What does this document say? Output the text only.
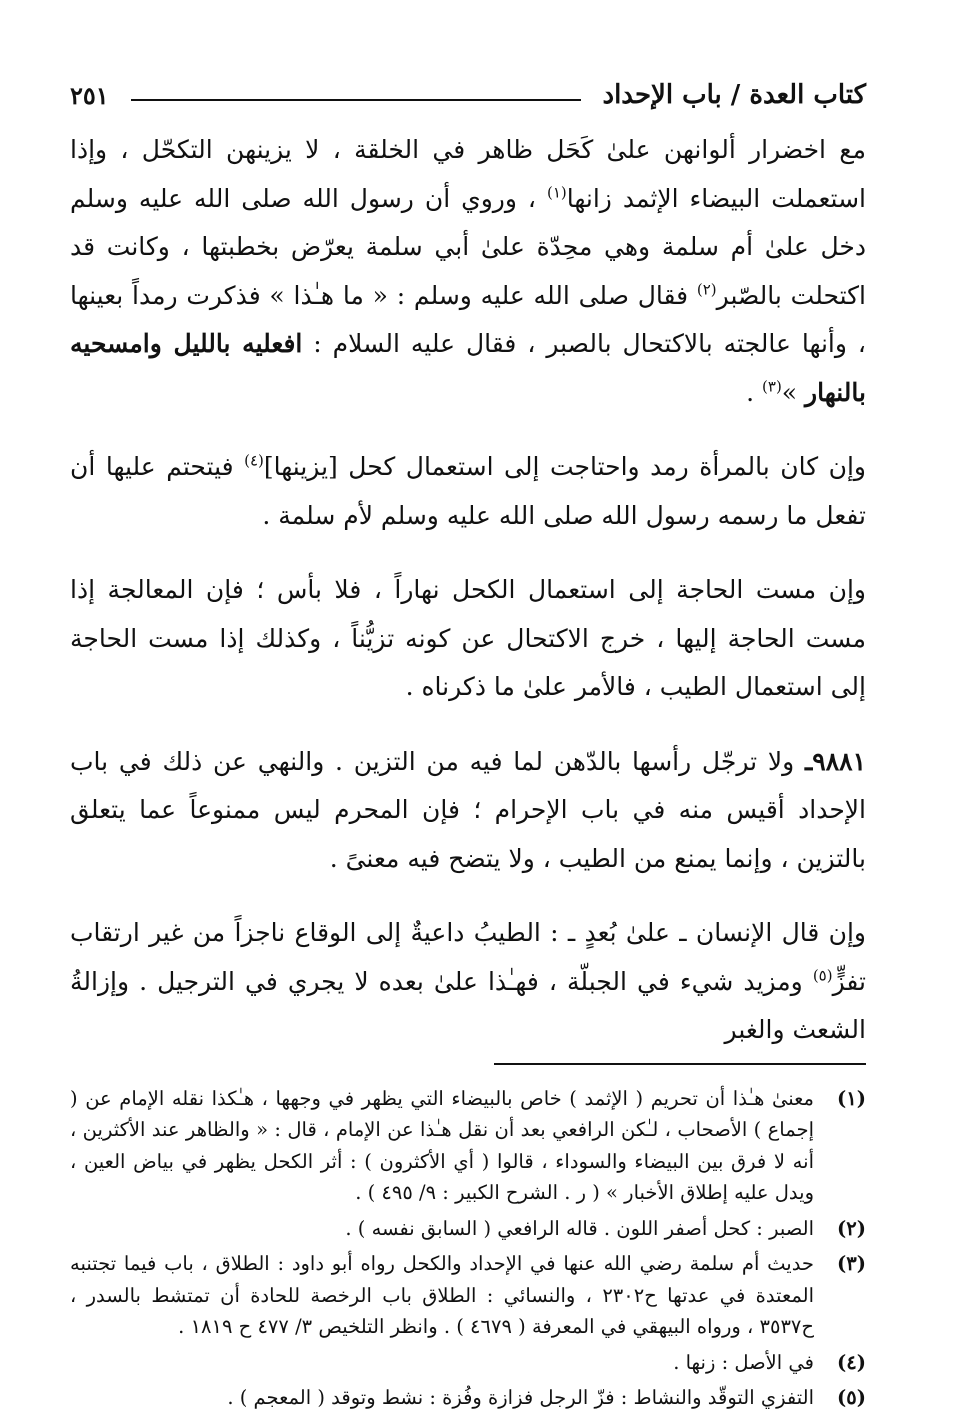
كتاب العدة / باب الإحداد
٢٥١

مع اخضرار ألوانهن علىٰ كَحَل ظاهر في الخلقة ، لا يزينهن التكحّل ، وإذا استعملت البيضاء الإثمد زانها$^{(١)}$ ، وروي أن رسول الله صلى الله عليه وسلم دخل علىٰ أم سلمة وهي محِدّة علىٰ أبي سلمة يعرّض بخطبتها ، وكانت قد اكتحلت بالصّبر$^{(٢)}$ فقال صلى الله عليه وسلم : « ما هـٰذا » فذكرت رمداً بعينها ، وأنها عالجته بالاكتحال بالصبر ، فقال عليه السلام : افعليه بالليل وامسحيه بالنهار »$^{(٣)}$ .

وإن كان بالمرأة رمد واحتاجت إلى استعمال كحل [يزينها]$^{(٤)}$ فيتحتم عليها أن تفعل ما رسمه رسول الله صلى الله عليه وسلم لأم سلمة .

وإن مست الحاجة إلى استعمال الكحل نهاراً ، فلا بأس ؛ فإن المعالجة إذا مست الحاجة إليها ، خرج الاكتحال عن كونه تزيُّناً ، وكذلك إذا مست الحاجة إلى استعمال الطيب ، فالأمر علىٰ ما ذكرناه .

٩٨٨١ـ ولا ترجّل رأسها بالدّهن لما فيه من التزين . والنهي عن ذلك في باب الإحداد أقيس منه في باب الإحرام ؛ فإن المحرم ليس ممنوعاً عما يتعلق بالتزين ، وإنما يمنع من الطيب ، ولا يتضح فيه معنىً .

وإن قال الإنسان ـ علىٰ بُعدٍ ـ : الطيبُ داعيةٌ إلى الوقاع ناجزاً من غير ارتقاب تفزٍّ$^{(٥)}$ ومزيد شيء في الجبلّة ، فهـٰذا علىٰ بعده لا يجري في الترجيل . وإزالةُ الشعث والغبر

(١)
معنىٰ هـٰذا أن تحريم ( الإثمد ) خاص بالبيضاء التي يظهر في وجهها ، هـٰكذا نقله الإمام عن ( إجماع ) الأصحاب ، لـٰكن الرافعي بعد أن نقل هـٰذا عن الإمام ، قال : « والظاهر عند الأكثرين ، أنه لا فرق بين البيضاء والسوداء ، قالوا ( أي الأكثرون ) : أثر الكحل يظهر في بياض العين ، ويدل عليه إطلاق الأخبار » ( ر . الشرح الكبير : ٩/ ٤٩٥ ) .
(٢)
الصبر : كحل أصفر اللون . قاله الرافعي ( السابق نفسه ) .
(٣)
حديث أم سلمة رضي الله عنها في الإحداد والكحل رواه أبو داود : الطلاق ، باب فيما تجتنبه المعتدة في عدتها ح٢٣٠٢ ، والنسائي : الطلاق باب الرخصة للحادة أن تمتشط بالسدر ، ح٣٥٣٧ ، ورواه البيهقي في المعرفة ( ٤٦٧٩ ) . وانظر التلخيص ٣/ ٤٧٧ ح ١٨١٩ .
(٤)
في الأصل : زنها .
(٥)
التفزي التوقّد والنشاط : فزّ الرجل فزازة وفُزة : نشط وتوقد ( المعجم ) .
